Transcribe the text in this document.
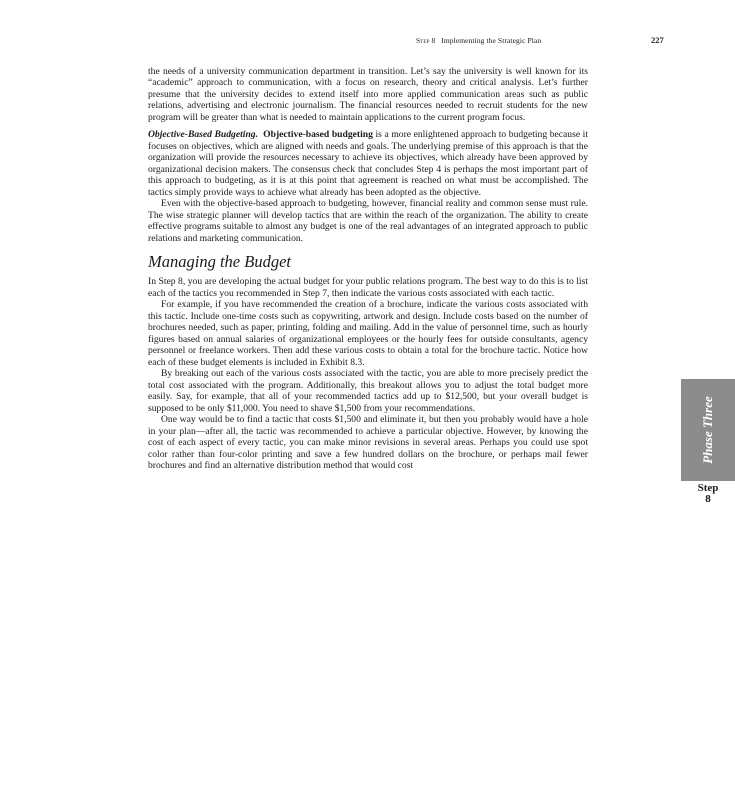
Step 8 Implementing the Strategic Plan	227

the needs of a university communication department in transition. Let’s say the university is well known for its “academic” approach to communication, with a focus on research, theory and critical analysis. Let’s further presume that the university decides to extend itself into more applied communication areas such as public relations, advertising and electronic journalism. The financial resources needed to recruit students for the new program will be greater than what is needed to maintain applications to the current program focus.

Objective-Based Budgeting. Objective-based budgeting is a more enlightened approach to budgeting because it focuses on objectives, which are aligned with needs and goals. The underlying premise of this approach is that the organization will provide the resources necessary to achieve its objectives, which already have been approved by organizational decision makers. The consensus check that concludes Step 4 is perhaps the most important part of this approach to budgeting, as it is at this point that agreement is reached on what must be accomplished. The tactics simply provide ways to achieve what already has been adopted as the objective.

Even with the objective-based approach to budgeting, however, financial reality and common sense must rule. The wise strategic planner will develop tactics that are within the reach of the organization. The ability to create effective programs suitable to almost any budget is one of the real advantages of an integrated approach to public relations and marketing communication.

Managing the Budget

In Step 8, you are developing the actual budget for your public relations program. The best way to do this is to list each of the tactics you recommended in Step 7, then indicate the various costs associated with each tactic.

For example, if you have recommended the creation of a brochure, indicate the various costs associated with this tactic. Include one-time costs such as copywriting, artwork and design. Include costs based on the number of brochures needed, such as paper, printing, folding and mailing. Add in the value of personnel time, such as hourly figures based on annual salaries of organizational employees or the hourly fees for outside consultants, agency personnel or freelance workers. Then add these various costs to obtain a total for the brochure tactic. Notice how each of these budget elements is included in Exhibit 8.3.

By breaking out each of the various costs associated with the tactic, you are able to more precisely predict the total cost associated with the program. Additionally, this breakout allows you to adjust the total budget more easily. Say, for example, that all of your recommended tactics add up to $12,500, but your overall budget is supposed to be only $11,000. You need to shave $1,500 from your recommendations.

One way would be to find a tactic that costs $1,500 and eliminate it, but then you probably would have a hole in your plan—after all, the tactic was recommended to achieve a particular objective. However, by knowing the cost of each aspect of every tactic, you can make minor revisions in several areas. Perhaps you could use spot color rather than four-color printing and save a few hundred dollars on the brochure, or perhaps mail fewer brochures and find an alternative distribution method that would cost

Phase Three
Step
8
